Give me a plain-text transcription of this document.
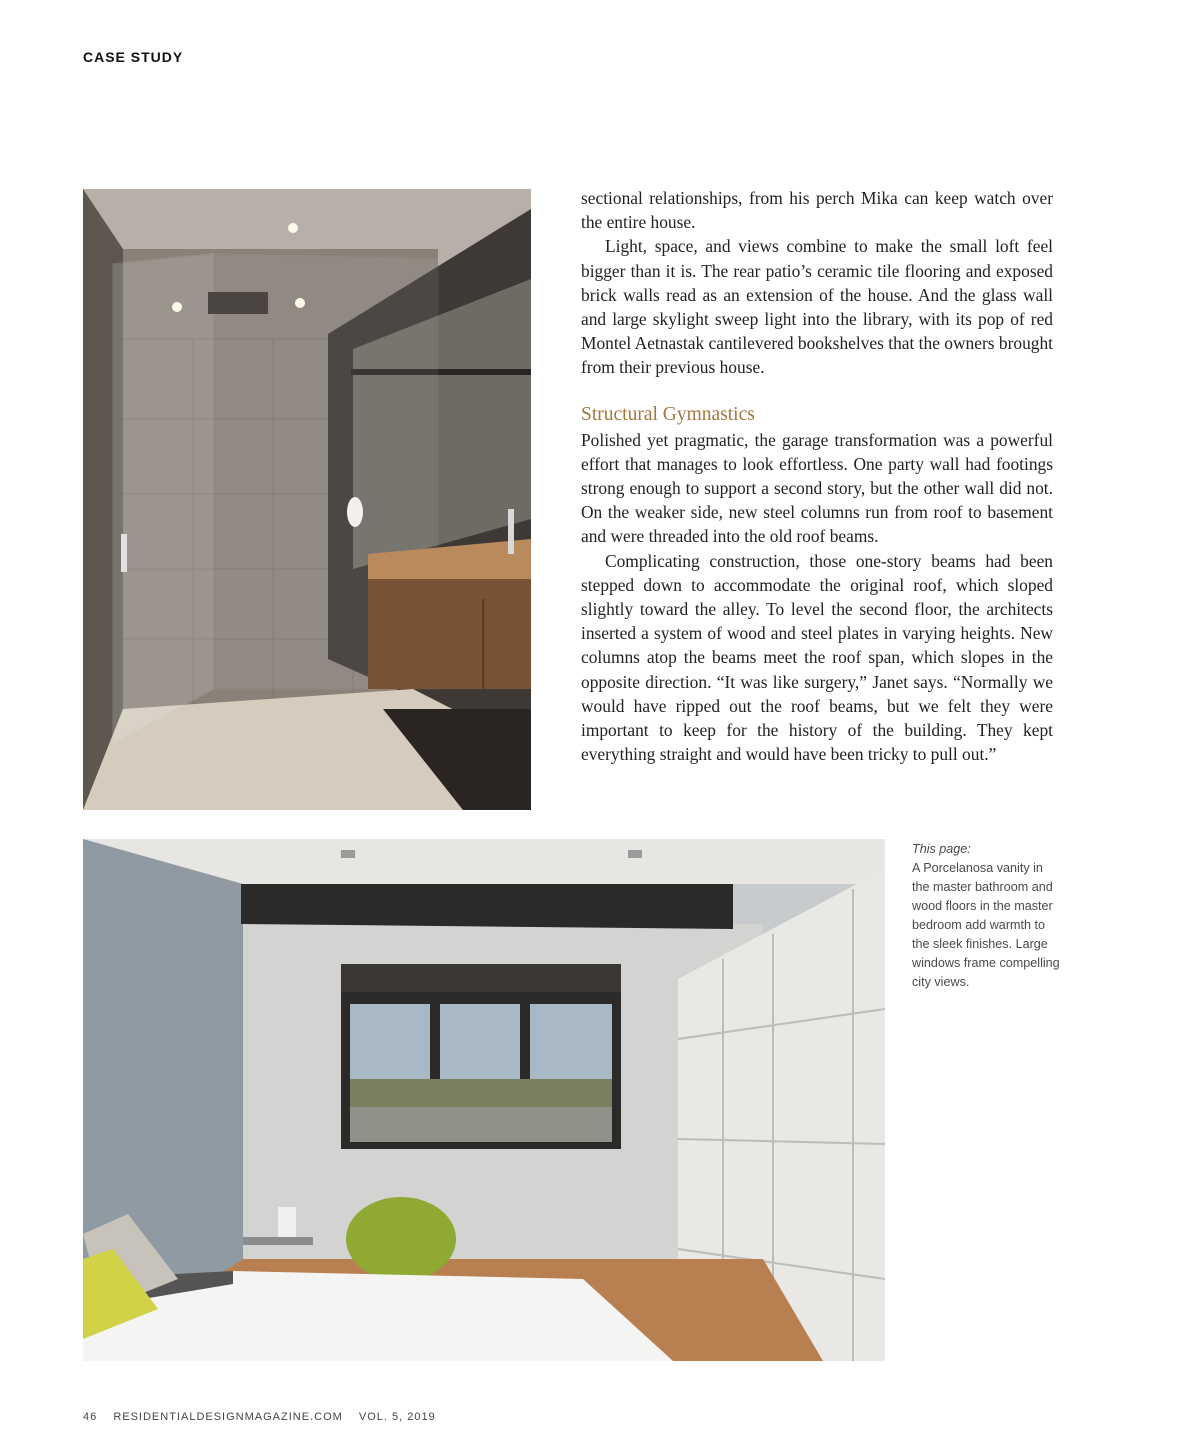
CASE STUDY

sectional relationships, from his perch Mika can keep watch over the entire house.

Light, space, and views combine to make the small loft feel bigger than it is. The rear patio’s ceramic tile flooring and exposed brick walls read as an extension of the house. And the glass wall and large skylight sweep light into the library, with its pop of red Montel Aetnastak cantilevered bookshelves that the owners brought from their previous house.

Structural Gymnastics

Polished yet pragmatic, the garage transformation was a powerful effort that manages to look effortless. One party wall had footings strong enough to support a second story, but the other wall did not. On the weaker side, new steel columns run from roof to basement and were threaded into the old roof beams.

Complicating construction, those one-story beams had been stepped down to accommodate the original roof, which sloped slightly toward the alley. To level the second floor, the architects inserted a system of wood and steel plates in varying heights. New columns atop the beams meet the roof span, which slopes in the opposite direction. “It was like surgery,” Janet says. “Normally we would have ripped out the roof beams, but we felt they were important to keep for the history of the building. They kept everything straight and would have been tricky to pull out.”

This page:
A Porcelanosa vanity in the master bathroom and wood floors in the master bedroom add warmth to the sleek finishes. Large windows frame compelling city views.
46 RESIDENTIALDESIGNMAGAZINE.COM VOL. 5, 2019
